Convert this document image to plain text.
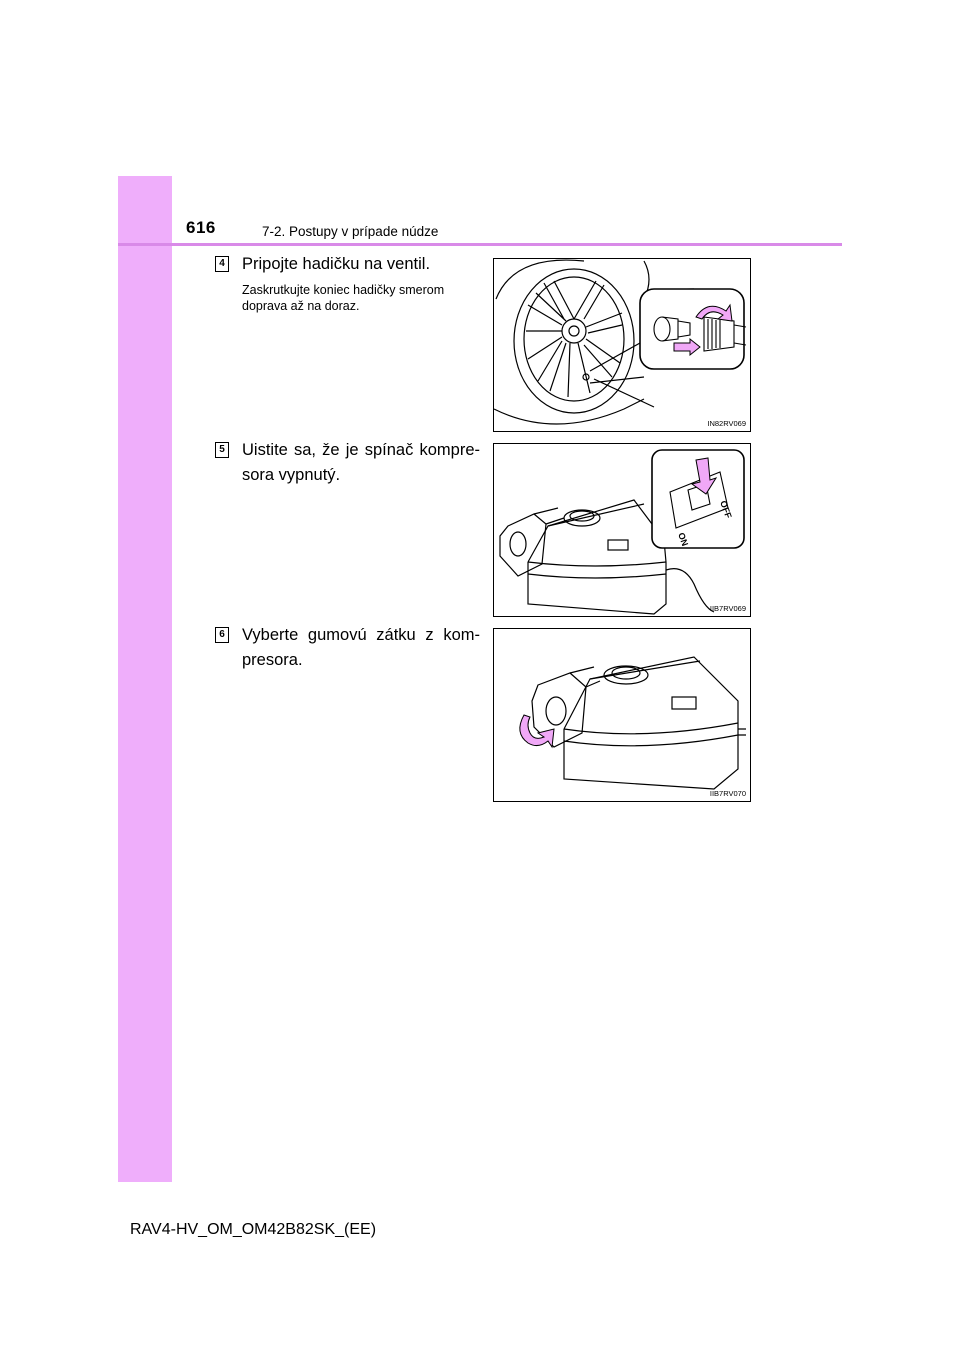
616	7-2. Postupy v prípade núdze
4 Pripojte hadičku na ventil.
Zaskrutkujte koniec hadičky smerom doprava až na doraz.
IN82RV069
5 Uistite sa, že je spínač kompre-sora vypnutý.
OFF
ON
IIB7RV069
6 Vyberte gumovú zátku z kom-presora.
IIB7RV070
RAV4-HV_OM_OM42B82SK_(EE)
